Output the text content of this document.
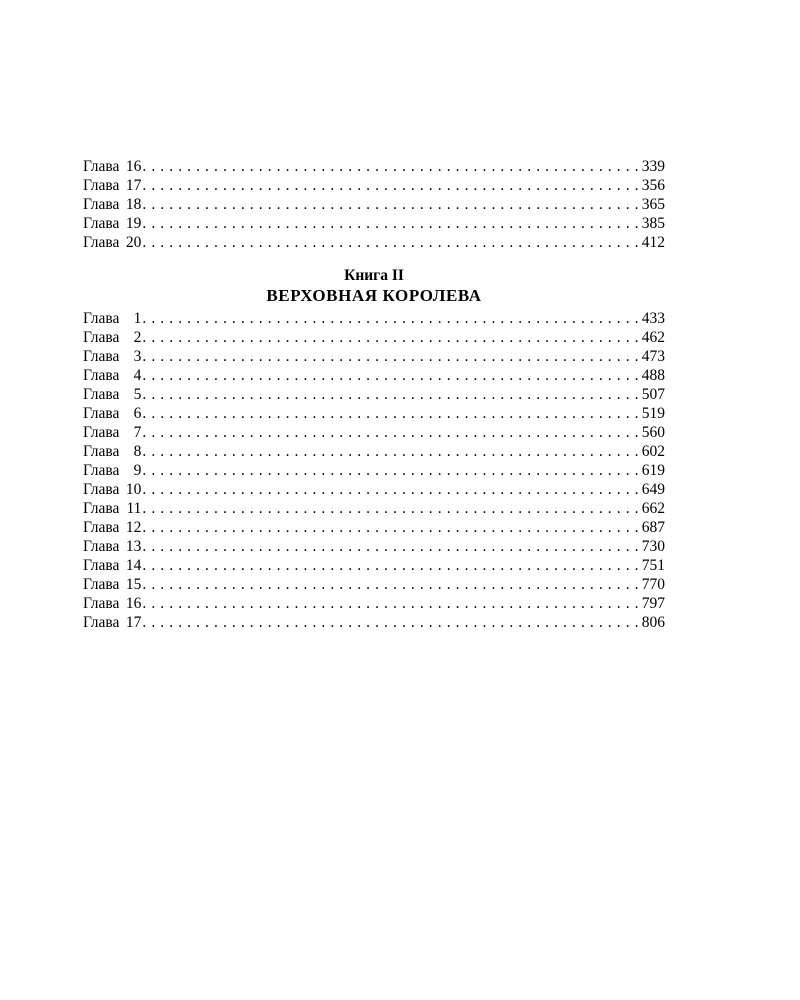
Глава 16 . . .	339
Глава 17 . . .	356
Глава 18 . . .	365
Глава 19 . . .	385
Глава 20 . . .	412
Книга II
ВЕРХОВНАЯ КОРОЛЕВА
Глава 1 . . .	433
Глава 2 . . .	462
Глава 3 . . .	473
Глава 4 . . .	488
Глава 5 . . .	507
Глава 6 . . .	519
Глава 7 . . .	560
Глава 8 . . .	602
Глава 9 . . .	619
Глава 10 . . .	649
Глава 11 . . .	662
Глава 12 . . .	687
Глава 13 . . .	730
Глава 14 . . .	751
Глава 15 . . .	770
Глава 16 . . .	797
Глава 17 . . .	806
